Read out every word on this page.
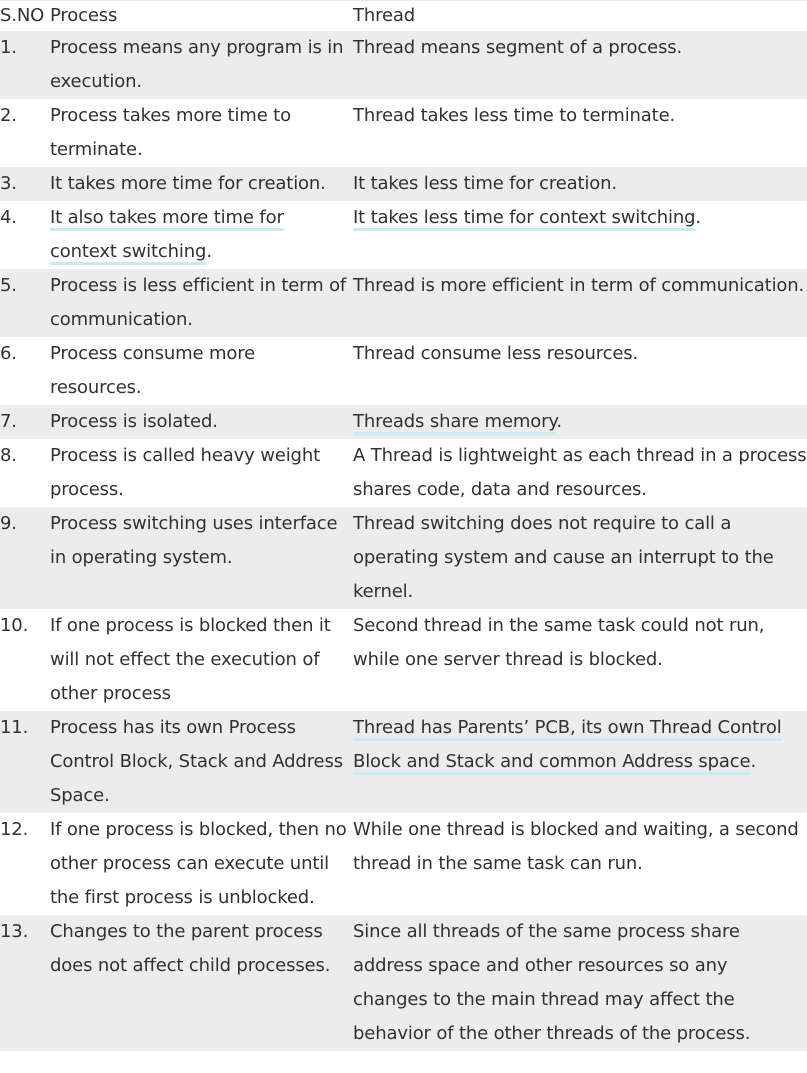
S.NO	Process	Thread
1.	Process means any program is in execution.	Thread means segment of a process.
2.	Process takes more time to terminate.	Thread takes less time to terminate.
3.	It takes more time for creation.	It takes less time for creation.
4.	It also takes more time for context switching.	It takes less time for context switching.
5.	Process is less efficient in term of communication.	Thread is more efficient in term of communication.
6.	Process consume more resources.	Thread consume less resources.
7.	Process is isolated.	Threads share memory.
8.	Process is called heavy weight process.	A Thread is lightweight as each thread in a process shares code, data and resources.
9.	Process switching uses interface in operating system.	Thread switching does not require to call a operating system and cause an interrupt to the kernel.
10.	If one process is blocked then it will not effect the execution of other process	Second thread in the same task could not run, while one server thread is blocked.
11.	Process has its own Process Control Block, Stack and Address Space.	Thread has Parents’ PCB, its own Thread Control Block and Stack and common Address space.
12.	If one process is blocked, then no other process can execute until the first process is unblocked.	While one thread is blocked and waiting, a second thread in the same task can run.
13.	Changes to the parent process does not affect child processes.	Since all threads of the same process share address space and other resources so any changes to the main thread may affect the behavior of the other threads of the process.
